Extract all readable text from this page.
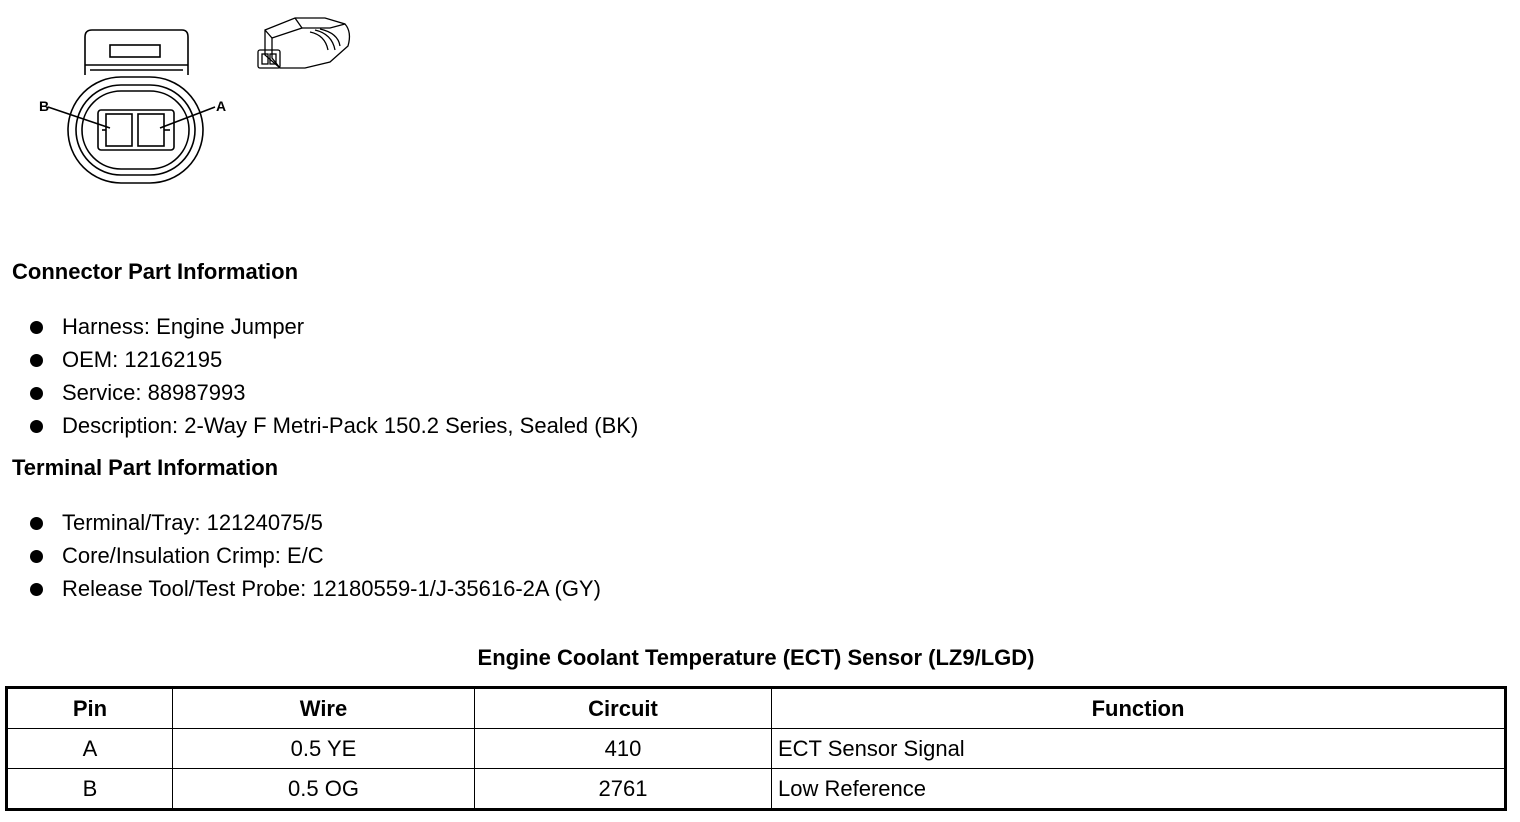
B	A
Connector Part Information
Harness: Engine Jumper
OEM: 12162195
Service: 88987993
Description: 2-Way F Metri-Pack 150.2 Series, Sealed (BK)
Terminal Part Information
Terminal/Tray: 12124075/5
Core/Insulation Crimp: E/C
Release Tool/Test Probe: 12180559-1/J-35616-2A (GY)
Engine Coolant Temperature (ECT) Sensor (LZ9/LGD)
Pin	Wire	Circuit	Function
A	0.5 YE	410	ECT Sensor Signal
B	0.5 OG	2761	Low Reference
